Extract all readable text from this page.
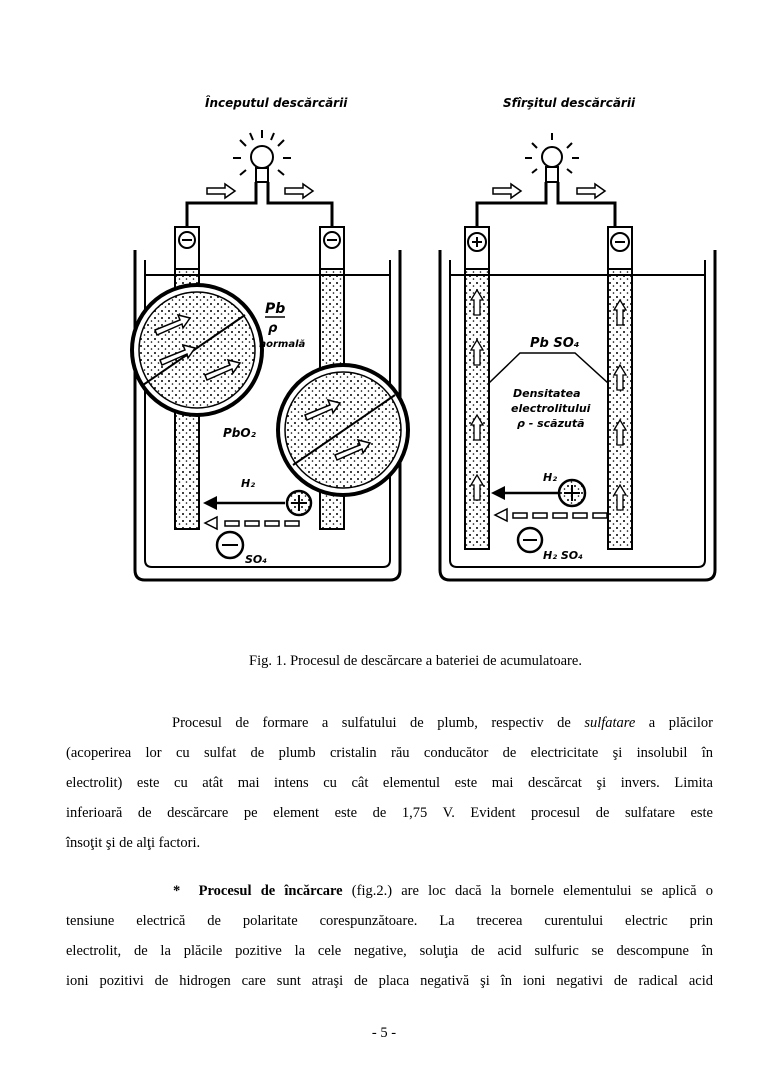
Începutul descărcării
Pb
ρ
normală
PbO₂
H₂
SO₄
Sfîrşitul descărcării
Pb SO₄
Densitatea
electrolitului
ρ - scăzută
H₂
H₂ SO₄
Fig. 1. Procesul de descărcare a bateriei de acumulatoare.
Procesul de formare a sulfatului de plumb, respectiv de sulfatare a plăcilor
(acoperirea lor cu sulfat de plumb cristalin rău conducător de electricitate şi insolubil în
electrolit) este cu atât mai intens cu cât elementul este mai descărcat şi invers. Limita
inferioară de descărcare pe element este de 1,75 V. Evident procesul de sulfatare este
însoţit şi de alţi factori.
* Procesul de încărcare (fig.2.) are loc dacă la bornele elementului se aplică o
tensiune electrică de polaritate corespunzătoare. La trecerea curentului electric prin
electrolit, de la plăcile pozitive la cele negative, soluţia de acid sulfuric se descompune în
ioni pozitivi de hidrogen care sunt atraşi de placa negativă şi în ioni negativi de radical acid
- 5 -
